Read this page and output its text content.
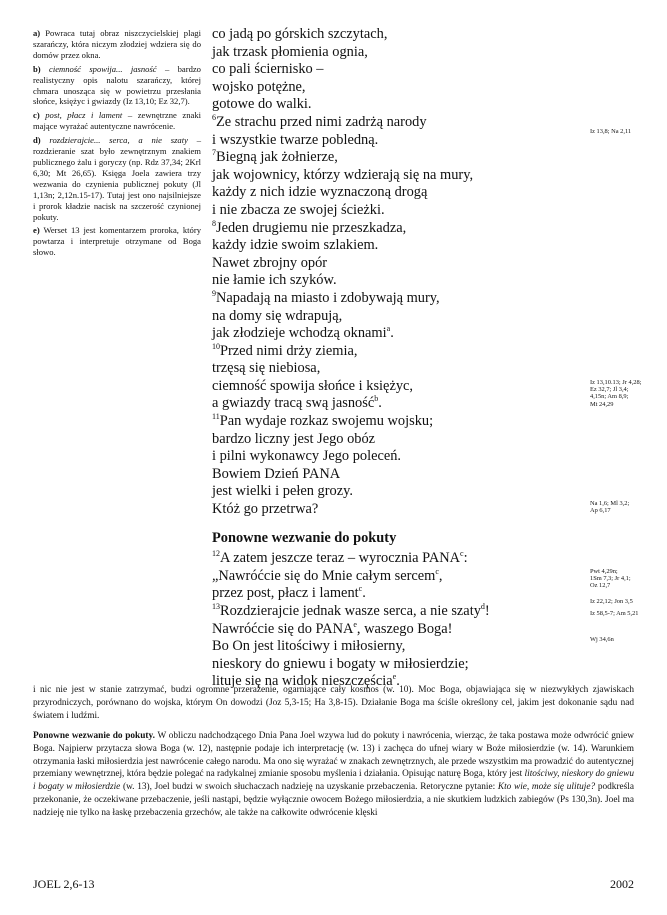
a) Powraca tutaj obraz niszczycielskiej plagi szarańczy, która niczym złodziej wdziera się do domów przez okna.
b) ciemność spowija... jasność – bardzo realistyczny opis nalotu szarańczy, której chmara unosząca się w powietrzu przesłania słońce, księżyc i gwiazdy (Iz 13,10; Ez 32,7).
c) post, płacz i lament – zewnętrzne znaki mające wyrażać autentyczne nawrócenie.
d) rozdzierajcie... serca, a nie szaty – rozdzieranie szat było zewnętrznym znakiem publicznego żalu i goryczy (np. Rdz 37,34; 2Krl 6,30; Mt 26,65). Księga Joela zawiera trzy wezwania do czynienia publicznej pokuty (Jl 1,13n; 2,12n.15-17). Tutaj jest ono najsilniejsze i prorok kładzie nacisk na szczerość czynionej pokuty.
e) Werset 13 jest komentarzem proroka, który powtarza i interpretuje otrzymane od Boga słowo.
co jadą po górskich szczytach,
jak trzask płomienia ognia,
co pali ściernisko –
wojsko potężne,
gotowe do walki.
$^6$Ze strachu przed nimi zadrżą narody
i wszystkie twarze pobledną.
$^7$Biegną jak żołnierze,
jak wojownicy, którzy wdzierają się na mury,
każdy z nich idzie wyznaczoną drogą
i nie zbacza ze swojej ścieżki.
$^8$Jeden drugiemu nie przeszkadza,
każdy idzie swoim szlakiem.
Nawet zbrojny opór
nie łamie ich szyków.
$^9$Napadają na miasto i zdobywają mury,
na domy się wdrapują,
jak złodzieje wchodzą oknami$^a$.
$^{10}$Przed nimi drży ziemia,
trzęsą się niebiosa,
ciemność spowija słońce i księżyc,
a gwiazdy tracą swą jasność$^b$.
$^{11}$Pan wydaje rozkaz swojemu wojsku;
bardzo liczny jest Jego obóz
i pilni wykonawcy Jego poleceń.
Bowiem Dzień PANA
jest wielki i pełen grozy.
Któż go przetrwa?
Ponowne wezwanie do pokuty
$^{12}$A zatem jeszcze teraz – wyrocznia PANA$^c$:
„Nawróćcie się do Mnie całym sercem$^c$,
przez post, płacz i lament$^c$.
$^{13}$Rozdzierajcie jednak wasze serca, a nie szaty$^d$!
Nawróćcie się do PANA$^e$, waszego Boga!
Bo On jest litościwy i miłosierny,
nieskory do gniewu i bogaty w miłosierdzie;
lituje się na widok nieszczęścia$^e$.
Iz 13,8; Na 2,11
Iz 13,10.13; Jr 4,28;
Ez 32,7; Jl 3,4;
4,15n; Am 8,9;
Mt 24,29
Na 1,6; Ml 3,2;
Ap 6,17
Pwt 4,29n;
1Sm 7,3; Jr 4,1;
Oz 12,7
Iz 22,12; Jon 3,5
Iz 58,5-7; Am 5,21
Wj 34,6n

i nic nie jest w stanie zatrzymać, budzi ogromne przerażenie, ogarniające cały kosmos (w. 10). Moc Boga, objawiająca się w niezwykłych zjawiskach przyrodniczych, porównano do wojska, którym On dowodzi (Joz 5,3-15; Ha 3,8-15). Działanie Boga ma ściśle określony cel, jakim jest dokonanie sądu nad światem i ludźmi.

Ponowne wezwanie do pokuty. W obliczu nadchodzącego Dnia Pana Joel wzywa lud do pokuty i nawrócenia, wierząc, że taka postawa może odwrócić gniew Boga. Najpierw przytacza słowa Boga (w. 12), następnie podaje ich interpretację (w. 13) i zachęca do ufnej wiary w Boże miłosierdzie (w. 14). Warunkiem otrzymania łaski miłosierdzia jest nawrócenie całego narodu. Ma ono się wyrażać w znakach zewnętrznych, ale przede wszystkim ma prowadzić do autentycznej przemiany wewnętrznej, która będzie polegać na radykalnej zmianie sposobu myślenia i działania. Opisując naturę Boga, który jest litościwy, nieskory do gniewu i bogaty w miłosierdzie (w. 13), Joel budzi w swoich słuchaczach nadzieję na uzyskanie przebaczenia. Retoryczne pytanie: Kto wie, może się ulituje? podkreśla przekonanie, że oczekiwane przebaczenie, jeśli nastąpi, będzie wyłącznie owocem Bożego miłosierdzia, a nie skutkiem ludzkich zabiegów (Ps 130,3n). Joel ma nadzieję nie tylko na łaskę przebaczenia grzechów, ale także na całkowite odwrócenie klęski

JOEL 2,6-13	2002
